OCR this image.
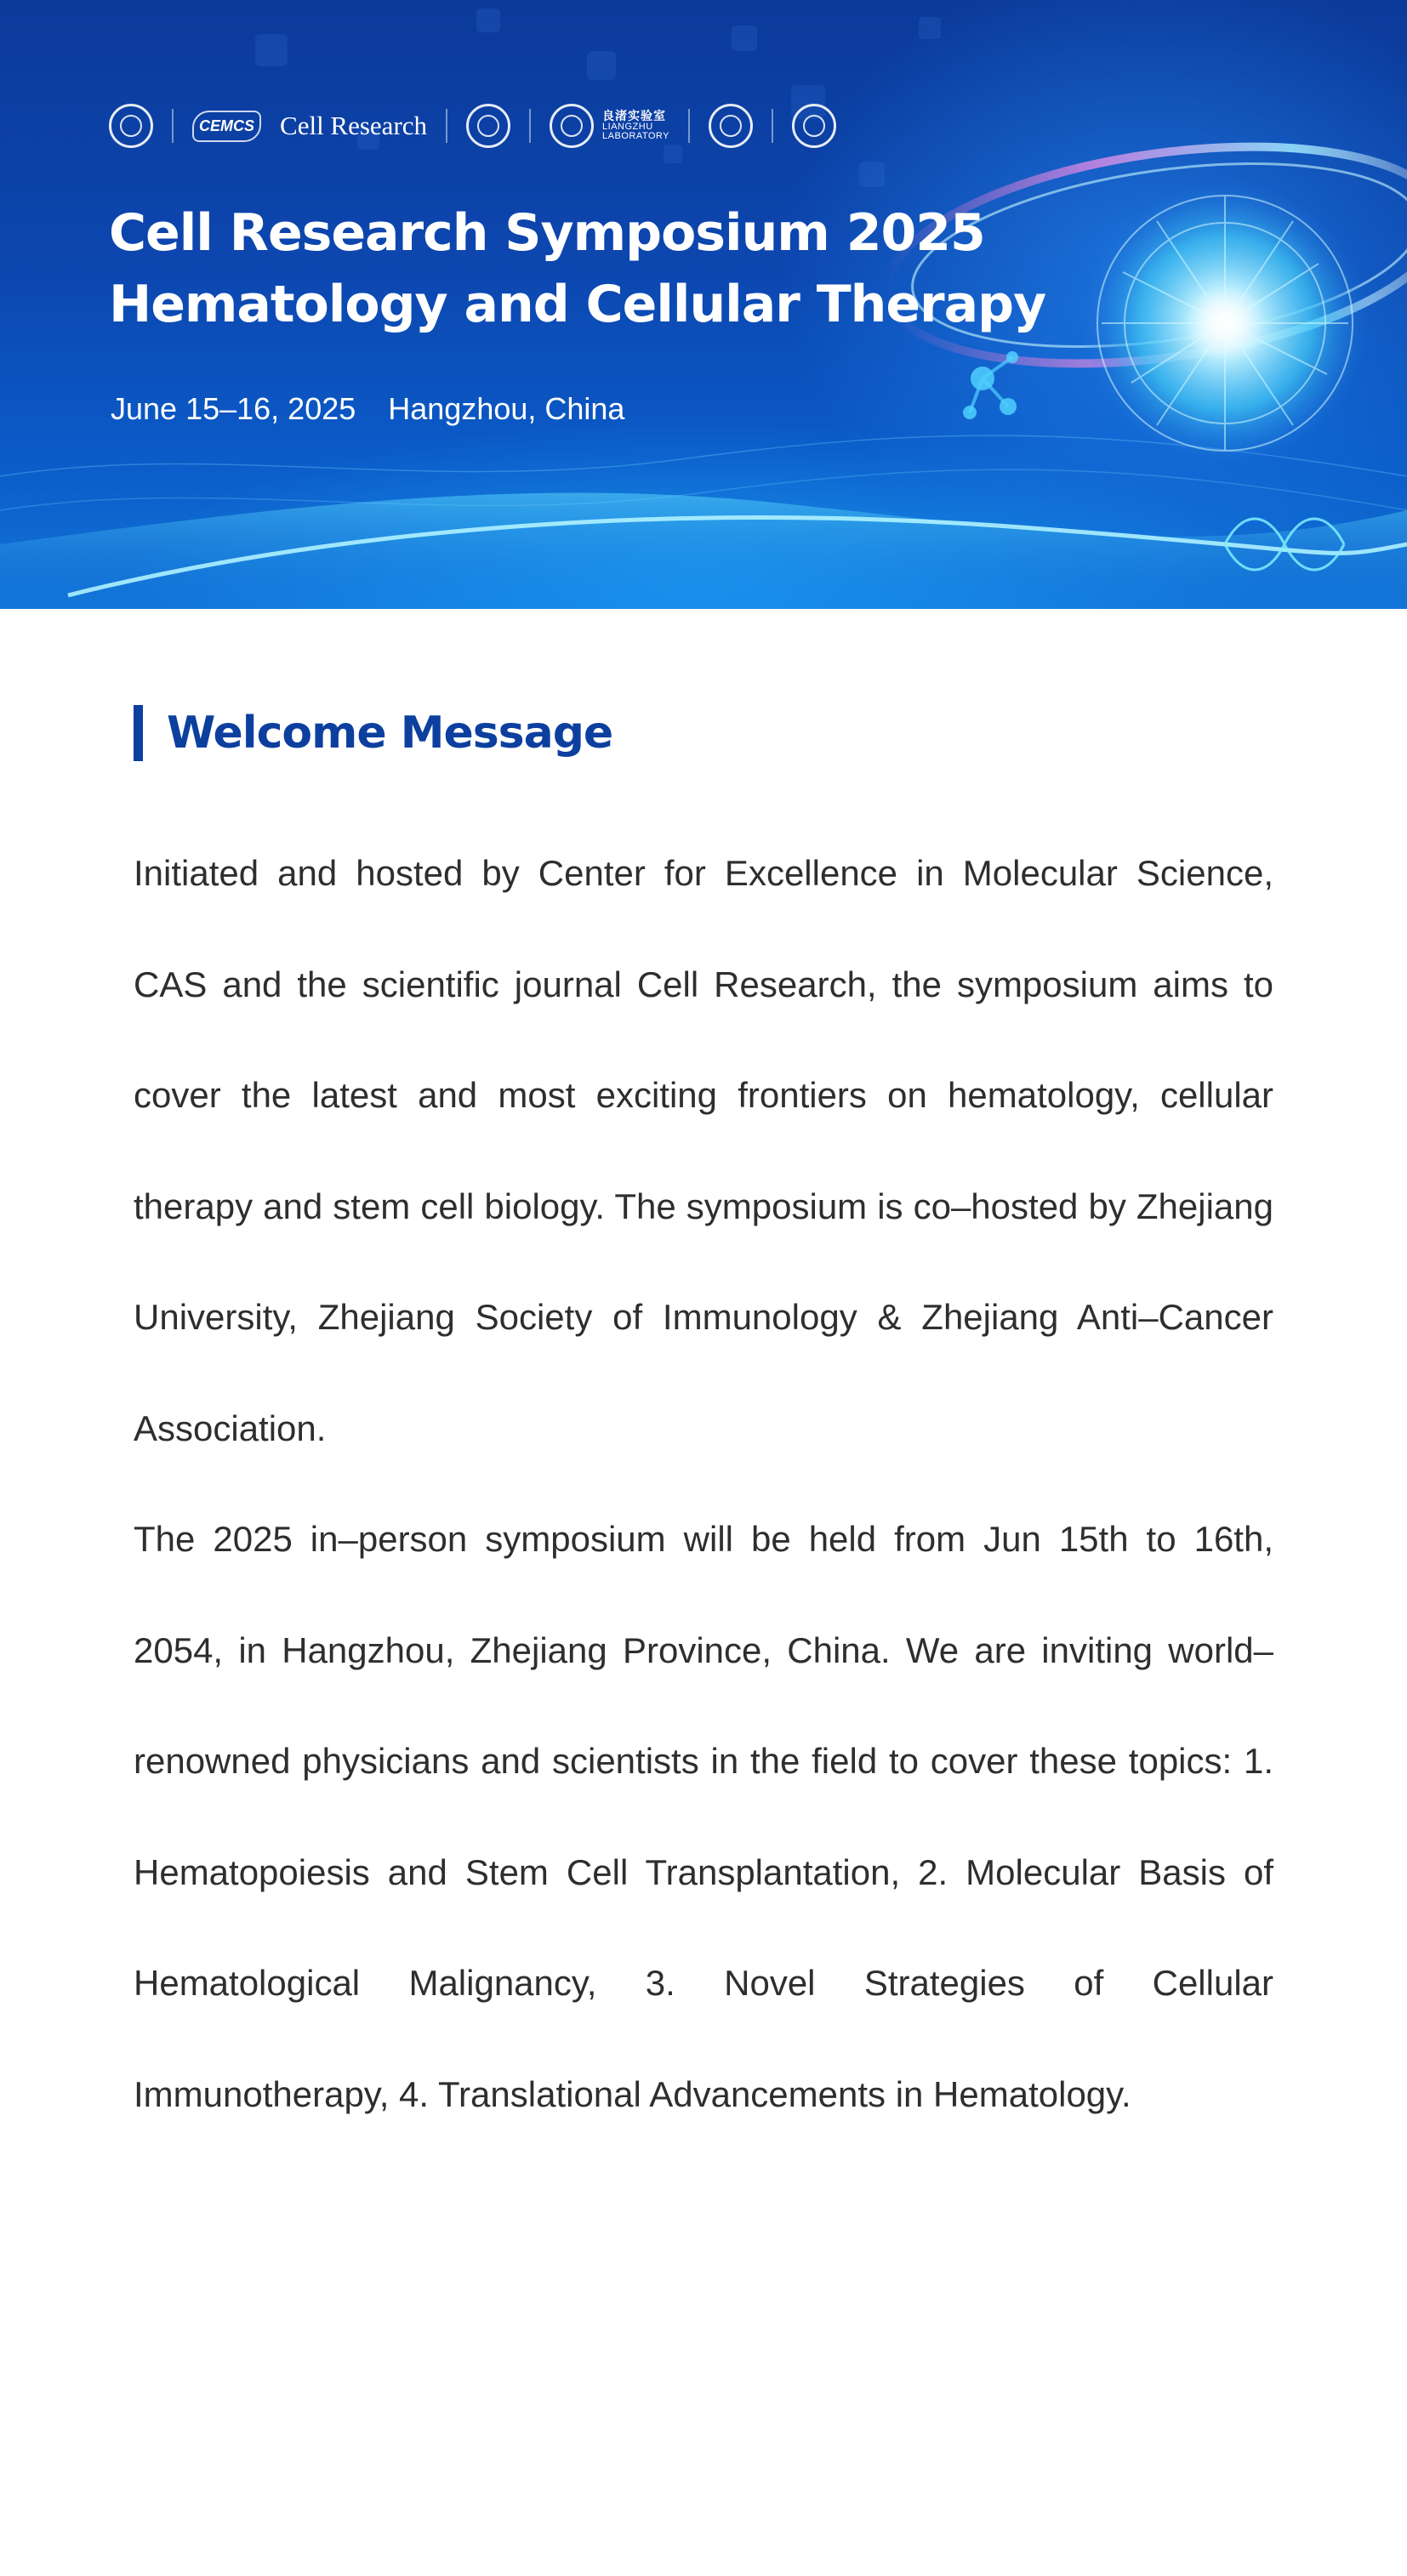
CEMCS Cell Research	良渚实验室
LIANGZHU
LABORATORY
Cell Research Symposium 2025
Hematology and Cellular Therapy
June 15–16, 2025 Hangzhou, China
Welcome Message

Initiated and hosted by Center for Excellence in Molecular Science, CAS and the scientific journal Cell Research, the symposium aims to cover the latest and most exciting frontiers on hematology, cellular therapy and stem cell biology. The symposium is co–hosted by Zhejiang University, Zhejiang Society of Immunology & Zhejiang Anti–Cancer Association.

The 2025 in–person symposium will be held from Jun 15th to 16th, 2054, in Hangzhou, Zhejiang Province, China. We are inviting world–renowned physicians and scientists in the field to cover these topics: 1. Hematopoiesis and Stem Cell Transplantation, 2. Molecular Basis of Hematological Malignancy, 3. Novel Strategies of Cellular Immunotherapy, 4. Translational Advancements in Hematology.
